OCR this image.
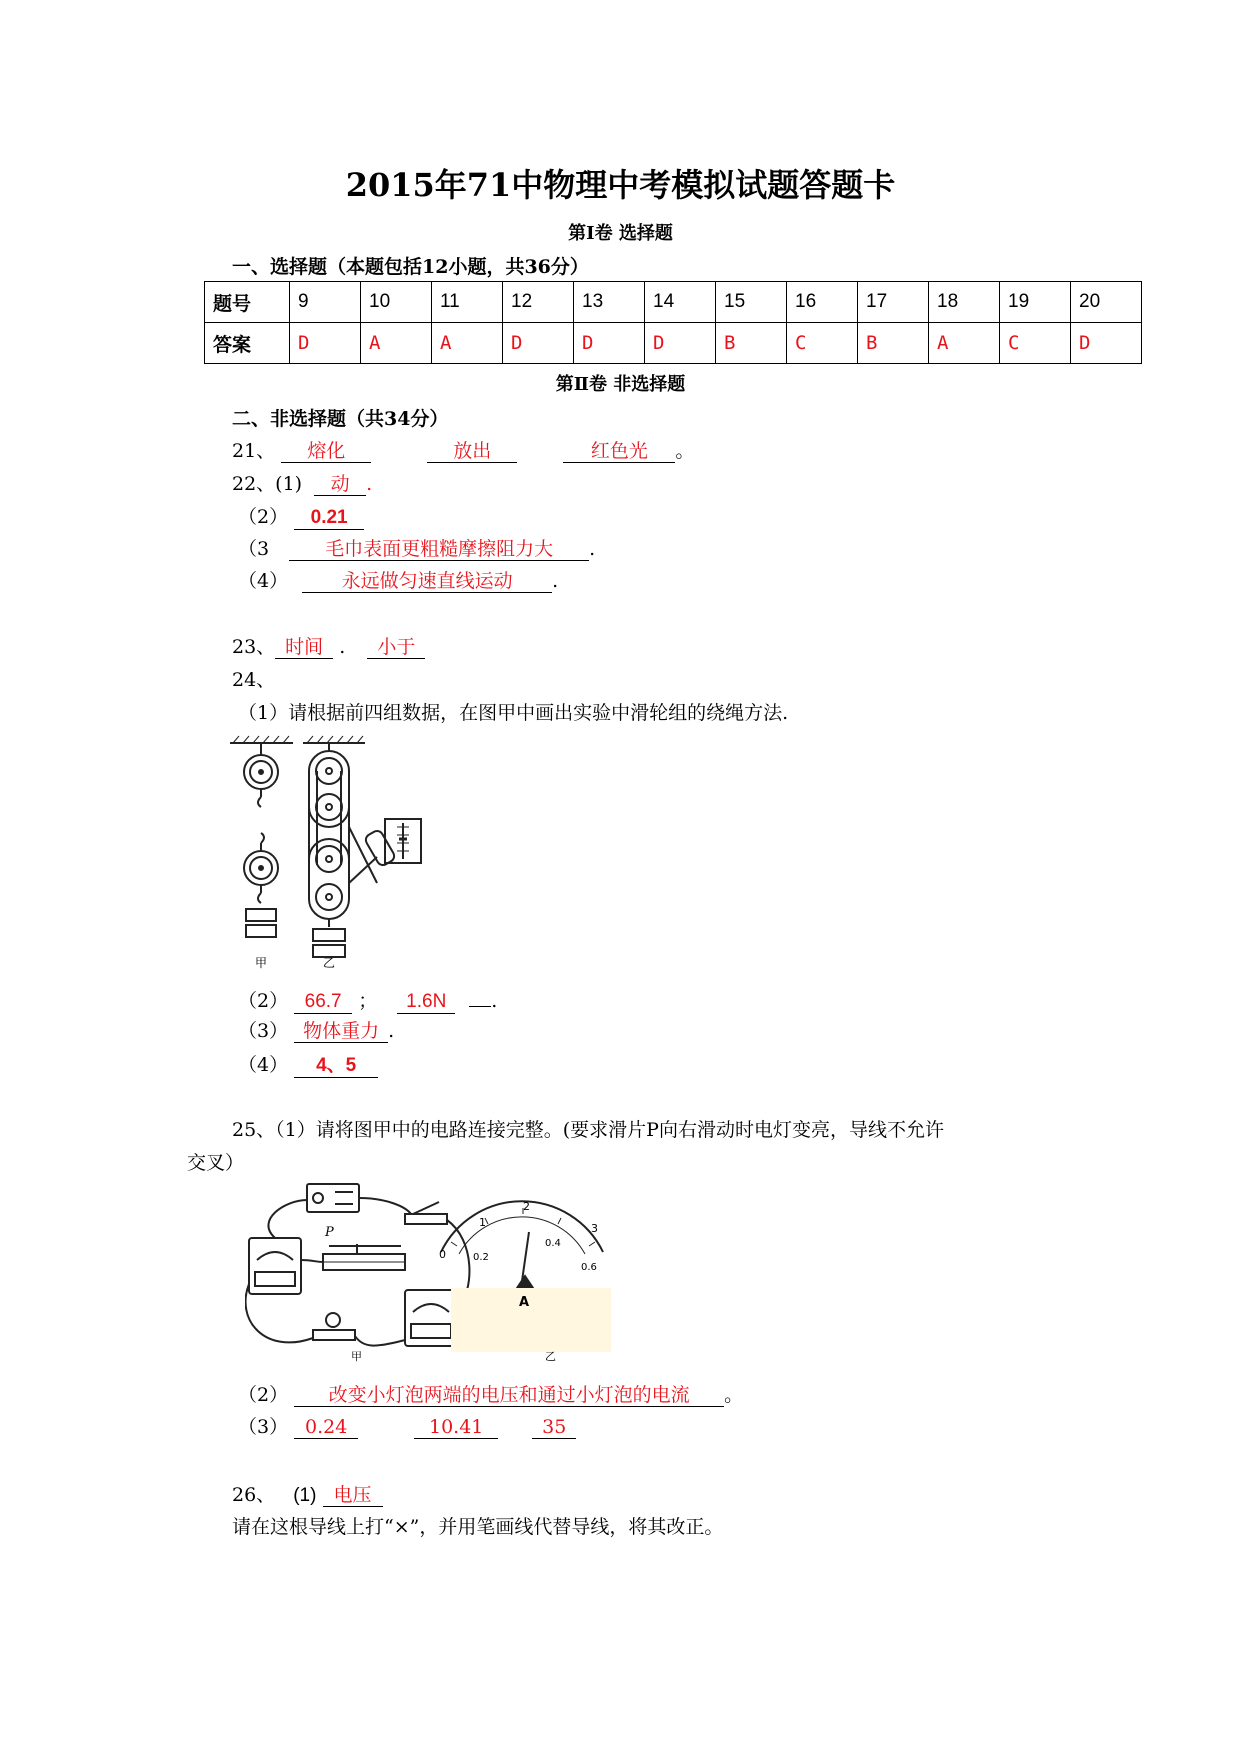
2015年71中物理中考模拟试题答题卡
第Ⅰ卷 选择题
一、选择题（本题包括12小题，共36分）
题号	9	10	11	12	13	14	15	16	17	18	19	20
答案	D	A	A	D	D	D	B	C	B	A	C	D
第Ⅱ卷 非选择题
二、非选择题（共34分）
21、 熔化	放出	红色光 。
22、(1) 动 .
（2） 0.21
（3	毛巾表面更粗糙摩擦阻力大 .
（4）	永远做匀速直线运动 .
23、 时间 . 小于
24、
（1）请根据前四组数据，在图甲中画出实验中滑轮组的绕绳方法.
甲	乙
（2） 66.7 ； 1.6N .
（3） 物体重力 .
（4） 4、5
25、（1）请将图甲中的电路连接完整。(要求滑片P向右滑动时电灯变亮，导线不允许
交叉）
P
0
1
2
3
0.2
0.4
0.6
A
甲	乙
（2） 改变小灯泡两端的电压和通过小灯泡的电流 。
（3） 0.24	10.41	35
26、 (1) 电压
请在这根导线上打“×”，并用笔画线代替导线，将其改正。
